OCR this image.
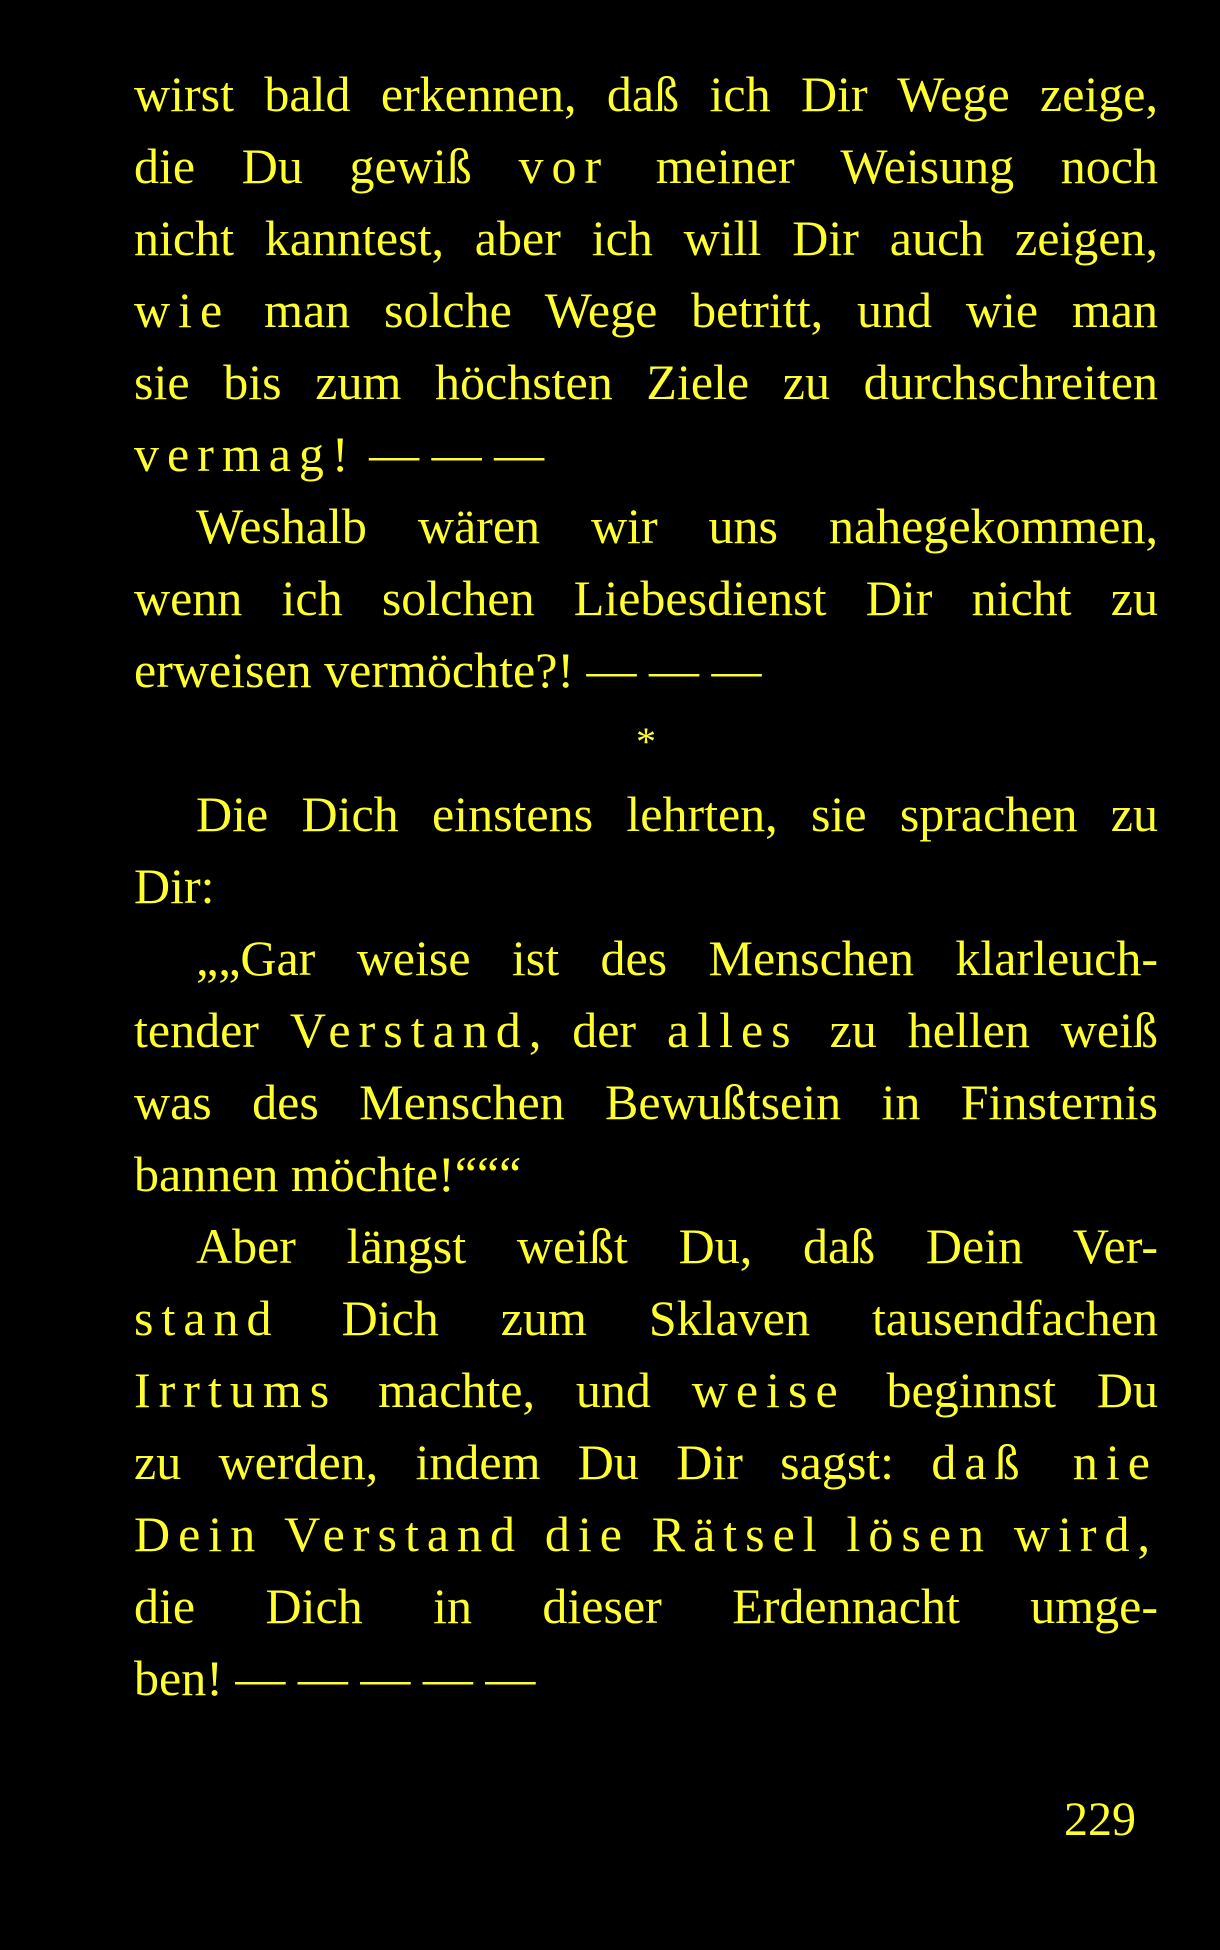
wirst bald erkennen, daß ich Dir Wege zeige,
die Du gewiß vor meiner Weisung noch
nicht kanntest, aber ich will Dir auch zeigen,
wie man solche Wege betritt, und wie man
sie bis zum höchsten Ziele zu durchschreiten
vermag! — — —
Weshalb wären wir uns nahegekommen,
wenn ich solchen Liebesdienst Dir nicht zu
erweisen vermöchte?! — — —
*
Die Dich einstens lehrten, sie sprachen zu
Dir:
„„Gar weise ist des Menschen klarleuch-
tender Verstand, der alles zu hellen weiß
was des Menschen Bewußtsein in Finsternis
bannen möchte!“““
Aber längst weißt Du, daß Dein Ver-
stand Dich zum Sklaven tausendfachen
Irrtums machte, und weise beginnst Du
zu werden, indem Du Dir sagst: daß nie
Dein Verstand die Rätsel lösen wird,
die Dich in dieser Erdennacht umge-
ben! — — — — —
229
